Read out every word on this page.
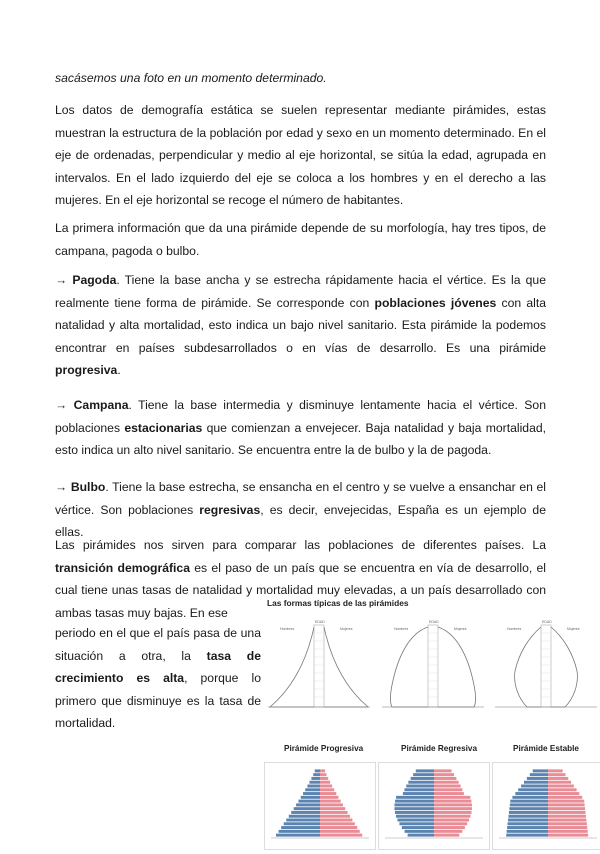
sacásemos una foto en un momento determinado.

Los datos de demografía estática se suelen representar mediante pirámides, estas muestran la estructura de la población por edad y sexo en un momento determinado. En el eje de ordenadas, perpendicular y medio al eje horizontal, se sitúa la edad, agrupada en intervalos. En el lado izquierdo del eje se coloca a los hombres y en el derecho a las mujeres. En el eje horizontal se recoge el número de habitantes.

La primera información que da una pirámide depende de su morfología, hay tres tipos, de campana, pagoda o bulbo.

→ Pagoda. Tiene la base ancha y se estrecha rápidamente hacia el vértice. Es la que realmente tiene forma de pirámide. Se corresponde con poblaciones jóvenes con alta natalidad y alta mortalidad, esto indica un bajo nivel sanitario. Esta pirámide la podemos encontrar en países subdesarrollados o en vías de desarrollo. Es una pirámide progresiva.

→ Campana. Tiene la base intermedia y disminuye lentamente hacia el vértice. Son poblaciones estacionarias que comienzan a envejecer. Baja natalidad y baja mortalidad, esto indica un alto nivel sanitario. Se encuentra entre la de bulbo y la de pagoda.

→ Bulbo. Tiene la base estrecha, se ensancha en el centro y se vuelve a ensanchar en el vértice. Son poblaciones regresivas, es decir, envejecidas, España es un ejemplo de ellas.

Las pirámides nos sirven para comparar las poblaciones de diferentes países. La transición demográfica es el paso de un país que se encuentra en vía de desarrollo, el cual tiene unas tasas de natalidad y mortalidad muy elevadas, a un país desarrollado con ambas tasas muy bajas. En ese

periodo en el que el país pasa de una situación a otra, la tasa de crecimiento es alta, porque lo primero que disminuye es la tasa de mortalidad.

Las formas típicas de las pirámides
Hombres	Mujeres
EDAD
Hombres	Mujeres
EDAD
Hombres	Mujeres
EDAD
Pirámide Progresiva	Pirámide Regresiva	Pirámide Estable
